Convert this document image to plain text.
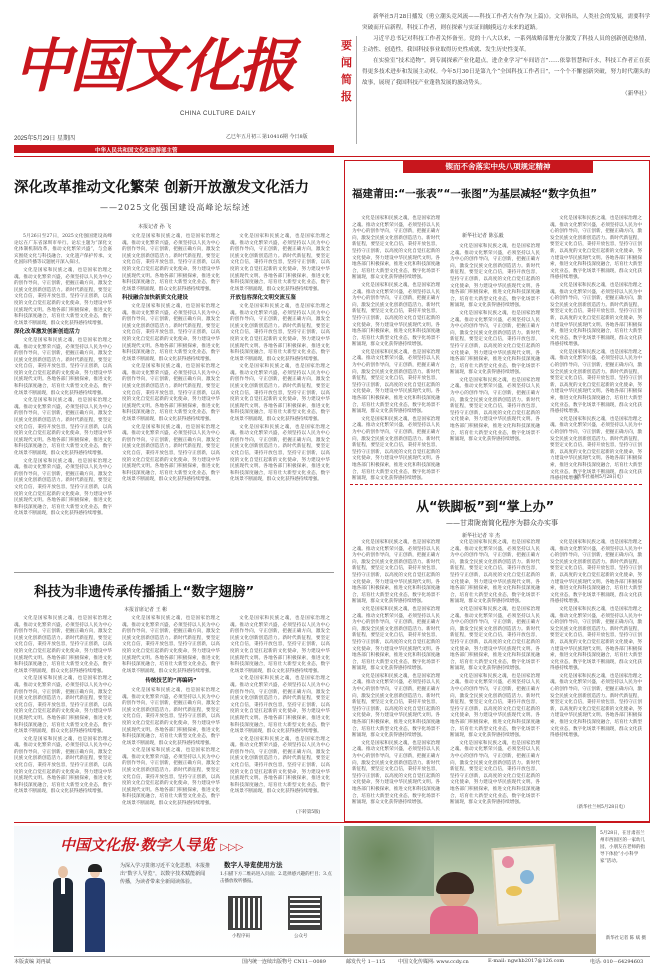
中国文化报
CHINA CULTURE DAILY
2025年5月29日 星期四	乙巳年五月初三 第10416期 今日8版
中华人民共和国文化和旅游部主管
要闻简报

新华社5月28日播发《勇立潮头竞风流——科技工作者大有作为(上篇)》。文章指出，人类社会的发展，需要科学突破而开启新程。科技工作者，则在探索与实证间触摸远方未来的道路。

习近平总书记对科技工作者关怀备至。党的十八大以来，一系列战略部署充分激发了科技人员的创新创造热情，主动性、创造性，我国科技事业取得历史性成就、发生历史性变革。

在实验室“技术造物”，到专属探索产业化超点，进企业学习“车间语言”……依靠智慧和汗水，科技工作者正在获得更多技术进步和发展主动权。今年5月30日是第九个“全国科技工作者日”，一个个不懈创新突破，努力时代潮头的故事，展现了我国科技产业蓬勃发展的旅动势头。

（新华社）
深化改革推动文化繁荣 创新开放激发文化活力
——2025文化强国建设高峰论坛综述
本报记者 孙 飞

5月26日至27日，2025文化强国建设高峰论坛在广东省深圳市举行。论坛主题为“深化文化体制机制改革，推动文化繁荣兴盛”，与会嘉宾围绕文化与科技融合、文化遗产保护传承、文化国际传播等议题展开深入探讨。

文化是国家和民族之魂，也是国家治理之魂。推动文化繁荣兴盛，必须坚持以人民为中心的创作导向，守正创新，把握正确方向，激发全民族文化创新创造活力。新时代新征程，要坚定文化自信，秉持开放包容，坚持守正创新，以高度的文化自觉扛起新的文化使命，努力建设中华民族现代文明。各地各部门积极探索，推进文化和科技深度融合，培育壮大新型文化业态，数字化场景不断涌现，群众文化获得感持续增强。

深化改革激发创新创造活力

文化是国家和民族之魂，也是国家治理之魂。推动文化繁荣兴盛，必须坚持以人民为中心的创作导向，守正创新，把握正确方向，激发全民族文化创新创造活力。新时代新征程，要坚定文化自信，秉持开放包容，坚持守正创新，以高度的文化自觉扛起新的文化使命，努力建设中华民族现代文明。各地各部门积极探索，推进文化和科技深度融合，培育壮大新型文化业态，数字化场景不断涌现，群众文化获得感持续增强。

文化是国家和民族之魂，也是国家治理之魂。推动文化繁荣兴盛，必须坚持以人民为中心的创作导向，守正创新，把握正确方向，激发全民族文化创新创造活力。新时代新征程，要坚定文化自信，秉持开放包容，坚持守正创新，以高度的文化自觉扛起新的文化使命，努力建设中华民族现代文明。各地各部门积极探索，推进文化和科技深度融合，培育壮大新型文化业态，数字化场景不断涌现，群众文化获得感持续增强。

文化是国家和民族之魂，也是国家治理之魂。推动文化繁荣兴盛，必须坚持以人民为中心的创作导向，守正创新，把握正确方向，激发全民族文化创新创造活力。新时代新征程，要坚定文化自信，秉持开放包容，坚持守正创新，以高度的文化自觉扛起新的文化使命，努力建设中华民族现代文明。各地各部门积极探索，推进文化和科技深度融合，培育壮大新型文化业态，数字化场景不断涌现，群众文化获得感持续增强。

文化是国家和民族之魂，也是国家治理之魂。推动文化繁荣兴盛，必须坚持以人民为中心的创作导向，守正创新，把握正确方向，激发全民族文化创新创造活力。新时代新征程，要坚定文化自信，秉持开放包容，坚持守正创新，以高度的文化自觉扛起新的文化使命，努力建设中华民族现代文明。各地各部门积极探索，推进文化和科技深度融合，培育壮大新型文化业态，数字化场景不断涌现，群众文化获得感持续增强。

科技融合加快新质文化建设

文化是国家和民族之魂，也是国家治理之魂。推动文化繁荣兴盛，必须坚持以人民为中心的创作导向，守正创新，把握正确方向，激发全民族文化创新创造活力。新时代新征程，要坚定文化自信，秉持开放包容，坚持守正创新，以高度的文化自觉扛起新的文化使命，努力建设中华民族现代文明。各地各部门积极探索，推进文化和科技深度融合，培育壮大新型文化业态，数字化场景不断涌现，群众文化获得感持续增强。

文化是国家和民族之魂，也是国家治理之魂。推动文化繁荣兴盛，必须坚持以人民为中心的创作导向，守正创新，把握正确方向，激发全民族文化创新创造活力。新时代新征程，要坚定文化自信，秉持开放包容，坚持守正创新，以高度的文化自觉扛起新的文化使命，努力建设中华民族现代文明。各地各部门积极探索，推进文化和科技深度融合，培育壮大新型文化业态，数字化场景不断涌现，群众文化获得感持续增强。

文化是国家和民族之魂，也是国家治理之魂。推动文化繁荣兴盛，必须坚持以人民为中心的创作导向，守正创新，把握正确方向，激发全民族文化创新创造活力。新时代新征程，要坚定文化自信，秉持开放包容，坚持守正创新，以高度的文化自觉扛起新的文化使命，努力建设中华民族现代文明。各地各部门积极探索，推进文化和科技深度融合，培育壮大新型文化业态，数字化场景不断涌现，群众文化获得感持续增强。

文化是国家和民族之魂，也是国家治理之魂。推动文化繁荣兴盛，必须坚持以人民为中心的创作导向，守正创新，把握正确方向，激发全民族文化创新创造活力。新时代新征程，要坚定文化自信，秉持开放包容，坚持守正创新，以高度的文化自觉扛起新的文化使命，努力建设中华民族现代文明。各地各部门积极探索，推进文化和科技深度融合，培育壮大新型文化业态，数字化场景不断涌现，群众文化获得感持续增强。

开放包容深化文明交流互鉴

文化是国家和民族之魂，也是国家治理之魂。推动文化繁荣兴盛，必须坚持以人民为中心的创作导向，守正创新，把握正确方向，激发全民族文化创新创造活力。新时代新征程，要坚定文化自信，秉持开放包容，坚持守正创新，以高度的文化自觉扛起新的文化使命，努力建设中华民族现代文明。各地各部门积极探索，推进文化和科技深度融合，培育壮大新型文化业态，数字化场景不断涌现，群众文化获得感持续增强。

文化是国家和民族之魂，也是国家治理之魂。推动文化繁荣兴盛，必须坚持以人民为中心的创作导向，守正创新，把握正确方向，激发全民族文化创新创造活力。新时代新征程，要坚定文化自信，秉持开放包容，坚持守正创新，以高度的文化自觉扛起新的文化使命，努力建设中华民族现代文明。各地各部门积极探索，推进文化和科技深度融合，培育壮大新型文化业态，数字化场景不断涌现，群众文化获得感持续增强。

文化是国家和民族之魂，也是国家治理之魂。推动文化繁荣兴盛，必须坚持以人民为中心的创作导向，守正创新，把握正确方向，激发全民族文化创新创造活力。新时代新征程，要坚定文化自信，秉持开放包容，坚持守正创新，以高度的文化自觉扛起新的文化使命，努力建设中华民族现代文明。各地各部门积极探索，推进文化和科技深度融合，培育壮大新型文化业态，数字化场景不断涌现，群众文化获得感持续增强。

锲而不舍落实中央八项规定精神
福建莆田:“一张表”“一张图”为基层减轻“数字负担”
新华社记者 陈弘毅

文化是国家和民族之魂，也是国家治理之魂。推动文化繁荣兴盛，必须坚持以人民为中心的创作导向，守正创新，把握正确方向，激发全民族文化创新创造活力。新时代新征程，要坚定文化自信，秉持开放包容，坚持守正创新，以高度的文化自觉扛起新的文化使命，努力建设中华民族现代文明。各地各部门积极探索，推进文化和科技深度融合，培育壮大新型文化业态，数字化场景不断涌现，群众文化获得感持续增强。

文化是国家和民族之魂，也是国家治理之魂。推动文化繁荣兴盛，必须坚持以人民为中心的创作导向，守正创新，把握正确方向，激发全民族文化创新创造活力。新时代新征程，要坚定文化自信，秉持开放包容，坚持守正创新，以高度的文化自觉扛起新的文化使命，努力建设中华民族现代文明。各地各部门积极探索，推进文化和科技深度融合，培育壮大新型文化业态，数字化场景不断涌现，群众文化获得感持续增强。

文化是国家和民族之魂，也是国家治理之魂。推动文化繁荣兴盛，必须坚持以人民为中心的创作导向，守正创新，把握正确方向，激发全民族文化创新创造活力。新时代新征程，要坚定文化自信，秉持开放包容，坚持守正创新，以高度的文化自觉扛起新的文化使命，努力建设中华民族现代文明。各地各部门积极探索，推进文化和科技深度融合，培育壮大新型文化业态，数字化场景不断涌现，群众文化获得感持续增强。

文化是国家和民族之魂，也是国家治理之魂。推动文化繁荣兴盛，必须坚持以人民为中心的创作导向，守正创新，把握正确方向，激发全民族文化创新创造活力。新时代新征程，要坚定文化自信，秉持开放包容，坚持守正创新，以高度的文化自觉扛起新的文化使命，努力建设中华民族现代文明。各地各部门积极探索，推进文化和科技深度融合，培育壮大新型文化业态，数字化场景不断涌现，群众文化获得感持续增强。

文化是国家和民族之魂，也是国家治理之魂。推动文化繁荣兴盛，必须坚持以人民为中心的创作导向，守正创新，把握正确方向，激发全民族文化创新创造活力。新时代新征程，要坚定文化自信，秉持开放包容，坚持守正创新，以高度的文化自觉扛起新的文化使命，努力建设中华民族现代文明。各地各部门积极探索，推进文化和科技深度融合，培育壮大新型文化业态，数字化场景不断涌现，群众文化获得感持续增强。

文化是国家和民族之魂，也是国家治理之魂。推动文化繁荣兴盛，必须坚持以人民为中心的创作导向，守正创新，把握正确方向，激发全民族文化创新创造活力。新时代新征程，要坚定文化自信，秉持开放包容，坚持守正创新，以高度的文化自觉扛起新的文化使命，努力建设中华民族现代文明。各地各部门积极探索，推进文化和科技深度融合，培育壮大新型文化业态，数字化场景不断涌现，群众文化获得感持续增强。

文化是国家和民族之魂，也是国家治理之魂。推动文化繁荣兴盛，必须坚持以人民为中心的创作导向，守正创新，把握正确方向，激发全民族文化创新创造活力。新时代新征程，要坚定文化自信，秉持开放包容，坚持守正创新，以高度的文化自觉扛起新的文化使命，努力建设中华民族现代文明。各地各部门积极探索，推进文化和科技深度融合，培育壮大新型文化业态，数字化场景不断涌现，群众文化获得感持续增强。

文化是国家和民族之魂，也是国家治理之魂。推动文化繁荣兴盛，必须坚持以人民为中心的创作导向，守正创新，把握正确方向，激发全民族文化创新创造活力。新时代新征程，要坚定文化自信，秉持开放包容，坚持守正创新，以高度的文化自觉扛起新的文化使命，努力建设中华民族现代文明。各地各部门积极探索，推进文化和科技深度融合，培育壮大新型文化业态，数字化场景不断涌现，群众文化获得感持续增强。

文化是国家和民族之魂，也是国家治理之魂。推动文化繁荣兴盛，必须坚持以人民为中心的创作导向，守正创新，把握正确方向，激发全民族文化创新创造活力。新时代新征程，要坚定文化自信，秉持开放包容，坚持守正创新，以高度的文化自觉扛起新的文化使命，努力建设中华民族现代文明。各地各部门积极探索，推进文化和科技深度融合，培育壮大新型文化业态，数字化场景不断涌现，群众文化获得感持续增强。

文化是国家和民族之魂，也是国家治理之魂。推动文化繁荣兴盛，必须坚持以人民为中心的创作导向，守正创新，把握正确方向，激发全民族文化创新创造活力。新时代新征程，要坚定文化自信，秉持开放包容，坚持守正创新，以高度的文化自觉扛起新的文化使命，努力建设中华民族现代文明。各地各部门积极探索，推进文化和科技深度融合，培育壮大新型文化业态，数字化场景不断涌现，群众文化获得感持续增强。

文化是国家和民族之魂，也是国家治理之魂。推动文化繁荣兴盛，必须坚持以人民为中心的创作导向，守正创新，把握正确方向，激发全民族文化创新创造活力。新时代新征程，要坚定文化自信，秉持开放包容，坚持守正创新，以高度的文化自觉扛起新的文化使命，努力建设中华民族现代文明。各地各部门积极探索，推进文化和科技深度融合，培育壮大新型文化业态，数字化场景不断涌现，群众文化获得感持续增强。

（新华社福州5月28日电）
从“铁脚板”到“掌上办”
——甘肃陇南简化程序为群众办实事
新华社记者 宰 杰

文化是国家和民族之魂，也是国家治理之魂。推动文化繁荣兴盛，必须坚持以人民为中心的创作导向，守正创新，把握正确方向，激发全民族文化创新创造活力。新时代新征程，要坚定文化自信，秉持开放包容，坚持守正创新，以高度的文化自觉扛起新的文化使命，努力建设中华民族现代文明。各地各部门积极探索，推进文化和科技深度融合，培育壮大新型文化业态，数字化场景不断涌现，群众文化获得感持续增强。

文化是国家和民族之魂，也是国家治理之魂。推动文化繁荣兴盛，必须坚持以人民为中心的创作导向，守正创新，把握正确方向，激发全民族文化创新创造活力。新时代新征程，要坚定文化自信，秉持开放包容，坚持守正创新，以高度的文化自觉扛起新的文化使命，努力建设中华民族现代文明。各地各部门积极探索，推进文化和科技深度融合，培育壮大新型文化业态，数字化场景不断涌现，群众文化获得感持续增强。

文化是国家和民族之魂，也是国家治理之魂。推动文化繁荣兴盛，必须坚持以人民为中心的创作导向，守正创新，把握正确方向，激发全民族文化创新创造活力。新时代新征程，要坚定文化自信，秉持开放包容，坚持守正创新，以高度的文化自觉扛起新的文化使命，努力建设中华民族现代文明。各地各部门积极探索，推进文化和科技深度融合，培育壮大新型文化业态，数字化场景不断涌现，群众文化获得感持续增强。

文化是国家和民族之魂，也是国家治理之魂。推动文化繁荣兴盛，必须坚持以人民为中心的创作导向，守正创新，把握正确方向，激发全民族文化创新创造活力。新时代新征程，要坚定文化自信，秉持开放包容，坚持守正创新，以高度的文化自觉扛起新的文化使命，努力建设中华民族现代文明。各地各部门积极探索，推进文化和科技深度融合，培育壮大新型文化业态，数字化场景不断涌现，群众文化获得感持续增强。

文化是国家和民族之魂，也是国家治理之魂。推动文化繁荣兴盛，必须坚持以人民为中心的创作导向，守正创新，把握正确方向，激发全民族文化创新创造活力。新时代新征程，要坚定文化自信，秉持开放包容，坚持守正创新，以高度的文化自觉扛起新的文化使命，努力建设中华民族现代文明。各地各部门积极探索，推进文化和科技深度融合，培育壮大新型文化业态，数字化场景不断涌现，群众文化获得感持续增强。

文化是国家和民族之魂，也是国家治理之魂。推动文化繁荣兴盛，必须坚持以人民为中心的创作导向，守正创新，把握正确方向，激发全民族文化创新创造活力。新时代新征程，要坚定文化自信，秉持开放包容，坚持守正创新，以高度的文化自觉扛起新的文化使命，努力建设中华民族现代文明。各地各部门积极探索，推进文化和科技深度融合，培育壮大新型文化业态，数字化场景不断涌现，群众文化获得感持续增强。

文化是国家和民族之魂，也是国家治理之魂。推动文化繁荣兴盛，必须坚持以人民为中心的创作导向，守正创新，把握正确方向，激发全民族文化创新创造活力。新时代新征程，要坚定文化自信，秉持开放包容，坚持守正创新，以高度的文化自觉扛起新的文化使命，努力建设中华民族现代文明。各地各部门积极探索，推进文化和科技深度融合，培育壮大新型文化业态，数字化场景不断涌现，群众文化获得感持续增强。

文化是国家和民族之魂，也是国家治理之魂。推动文化繁荣兴盛，必须坚持以人民为中心的创作导向，守正创新，把握正确方向，激发全民族文化创新创造活力。新时代新征程，要坚定文化自信，秉持开放包容，坚持守正创新，以高度的文化自觉扛起新的文化使命，努力建设中华民族现代文明。各地各部门积极探索，推进文化和科技深度融合，培育壮大新型文化业态，数字化场景不断涌现，群众文化获得感持续增强。

文化是国家和民族之魂，也是国家治理之魂。推动文化繁荣兴盛，必须坚持以人民为中心的创作导向，守正创新，把握正确方向，激发全民族文化创新创造活力。新时代新征程，要坚定文化自信，秉持开放包容，坚持守正创新，以高度的文化自觉扛起新的文化使命，努力建设中华民族现代文明。各地各部门积极探索，推进文化和科技深度融合，培育壮大新型文化业态，数字化场景不断涌现，群众文化获得感持续增强。

文化是国家和民族之魂，也是国家治理之魂。推动文化繁荣兴盛，必须坚持以人民为中心的创作导向，守正创新，把握正确方向，激发全民族文化创新创造活力。新时代新征程，要坚定文化自信，秉持开放包容，坚持守正创新，以高度的文化自觉扛起新的文化使命，努力建设中华民族现代文明。各地各部门积极探索，推进文化和科技深度融合，培育壮大新型文化业态，数字化场景不断涌现，群众文化获得感持续增强。

文化是国家和民族之魂，也是国家治理之魂。推动文化繁荣兴盛，必须坚持以人民为中心的创作导向，守正创新，把握正确方向，激发全民族文化创新创造活力。新时代新征程，要坚定文化自信，秉持开放包容，坚持守正创新，以高度的文化自觉扛起新的文化使命，努力建设中华民族现代文明。各地各部门积极探索，推进文化和科技深度融合，培育壮大新型文化业态，数字化场景不断涌现，群众文化获得感持续增强。

（新华社兰州5月28日电）
科技为非遗传承传播插上“数字翅膀”
本报首席记者 王 彬

文化是国家和民族之魂，也是国家治理之魂。推动文化繁荣兴盛，必须坚持以人民为中心的创作导向，守正创新，把握正确方向，激发全民族文化创新创造活力。新时代新征程，要坚定文化自信，秉持开放包容，坚持守正创新，以高度的文化自觉扛起新的文化使命，努力建设中华民族现代文明。各地各部门积极探索，推进文化和科技深度融合，培育壮大新型文化业态，数字化场景不断涌现，群众文化获得感持续增强。

文化是国家和民族之魂，也是国家治理之魂。推动文化繁荣兴盛，必须坚持以人民为中心的创作导向，守正创新，把握正确方向，激发全民族文化创新创造活力。新时代新征程，要坚定文化自信，秉持开放包容，坚持守正创新，以高度的文化自觉扛起新的文化使命，努力建设中华民族现代文明。各地各部门积极探索，推进文化和科技深度融合，培育壮大新型文化业态，数字化场景不断涌现，群众文化获得感持续增强。

文化是国家和民族之魂，也是国家治理之魂。推动文化繁荣兴盛，必须坚持以人民为中心的创作导向，守正创新，把握正确方向，激发全民族文化创新创造活力。新时代新征程，要坚定文化自信，秉持开放包容，坚持守正创新，以高度的文化自觉扛起新的文化使命，努力建设中华民族现代文明。各地各部门积极探索，推进文化和科技深度融合，培育壮大新型文化业态，数字化场景不断涌现，群众文化获得感持续增强。

文化是国家和民族之魂，也是国家治理之魂。推动文化繁荣兴盛，必须坚持以人民为中心的创作导向，守正创新，把握正确方向，激发全民族文化创新创造活力。新时代新征程，要坚定文化自信，秉持开放包容，坚持守正创新，以高度的文化自觉扛起新的文化使命，努力建设中华民族现代文明。各地各部门积极探索，推进文化和科技深度融合，培育壮大新型文化业态，数字化场景不断涌现，群众文化获得感持续增强。

传统技艺的“再编码”

文化是国家和民族之魂，也是国家治理之魂。推动文化繁荣兴盛，必须坚持以人民为中心的创作导向，守正创新，把握正确方向，激发全民族文化创新创造活力。新时代新征程，要坚定文化自信，秉持开放包容，坚持守正创新，以高度的文化自觉扛起新的文化使命，努力建设中华民族现代文明。各地各部门积极探索，推进文化和科技深度融合，培育壮大新型文化业态，数字化场景不断涌现，群众文化获得感持续增强。

文化是国家和民族之魂，也是国家治理之魂。推动文化繁荣兴盛，必须坚持以人民为中心的创作导向，守正创新，把握正确方向，激发全民族文化创新创造活力。新时代新征程，要坚定文化自信，秉持开放包容，坚持守正创新，以高度的文化自觉扛起新的文化使命，努力建设中华民族现代文明。各地各部门积极探索，推进文化和科技深度融合，培育壮大新型文化业态，数字化场景不断涌现，群众文化获得感持续增强。

文化是国家和民族之魂，也是国家治理之魂。推动文化繁荣兴盛，必须坚持以人民为中心的创作导向，守正创新，把握正确方向，激发全民族文化创新创造活力。新时代新征程，要坚定文化自信，秉持开放包容，坚持守正创新，以高度的文化自觉扛起新的文化使命，努力建设中华民族现代文明。各地各部门积极探索，推进文化和科技深度融合，培育壮大新型文化业态，数字化场景不断涌现，群众文化获得感持续增强。

文化是国家和民族之魂，也是国家治理之魂。推动文化繁荣兴盛，必须坚持以人民为中心的创作导向，守正创新，把握正确方向，激发全民族文化创新创造活力。新时代新征程，要坚定文化自信，秉持开放包容，坚持守正创新，以高度的文化自觉扛起新的文化使命，努力建设中华民族现代文明。各地各部门积极探索，推进文化和科技深度融合，培育壮大新型文化业态，数字化场景不断涌现，群众文化获得感持续增强。

文化是国家和民族之魂，也是国家治理之魂。推动文化繁荣兴盛，必须坚持以人民为中心的创作导向，守正创新，把握正确方向，激发全民族文化创新创造活力。新时代新征程，要坚定文化自信，秉持开放包容，坚持守正创新，以高度的文化自觉扛起新的文化使命，努力建设中华民族现代文明。各地各部门积极探索，推进文化和科技深度融合，培育壮大新型文化业态，数字化场景不断涌现，群众文化获得感持续增强。

(下转第5版)
中国文化报·数字人导览 ▷▷▷
为深入学习贯彻习近平文化思想，本报推出“数字人导览”，以数字技术赋能新闻传播，为读者带来全新阅读体验。
数字人导览使用方法
1.扫描下方二维码进入页面；2.选择感兴趣的栏目；3.点击播放收听播报。
小程序码	公众号
5月28日，在甘肃省兰州市西固区的一家幼儿园，小朋友在老师的指导下体验“小小科学家”活动。
新华社记者 陈 斌 摄
本版责编 刘再斌	国内统一连续出版物号 CN11－0089	邮发代号 1－115	中国文化传媒网: www.ccdy.cn	E-mail: ngwhb2017@126.com	电话: 010－64294603
